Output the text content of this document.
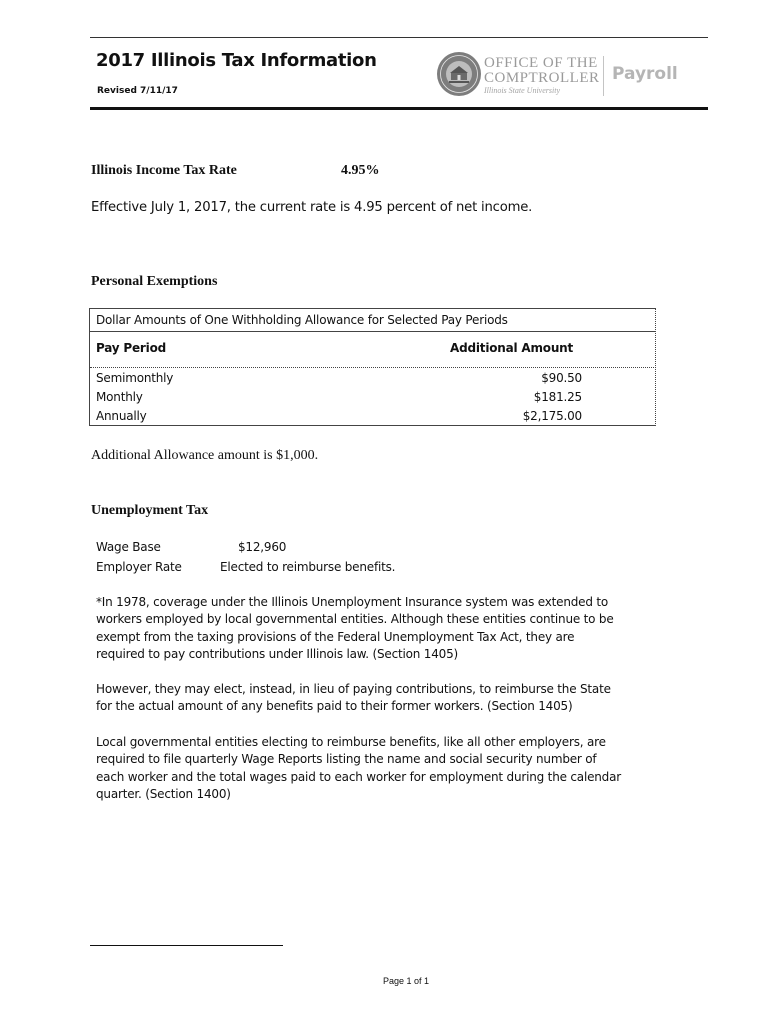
2017 Illinois Tax Information
Revised 7/11/17
OFFICE OF THE
COMPTROLLER
Illinois State University
Payroll
Illinois Income Tax Rate	4.95%
Effective July 1, 2017, the current rate is 4.95 percent of net income.
Personal Exemptions
Dollar Amounts of One Withholding Allowance for Selected Pay Periods
Pay Period	Additional Amount
Semimonthly	$90.50
Monthly	$181.25
Annually	$2,175.00
Additional Allowance amount is $1,000.
Unemployment Tax
Wage Base	$12,960
Employer Rate	Elected to reimburse benefits.
*In 1978, coverage under the Illinois Unemployment Insurance system was extended to workers employed by local governmental entities. Although these entities continue to be exempt from the taxing provisions of the Federal Unemployment Tax Act, they are required to pay contributions under Illinois law. (Section 1405)
However, they may elect, instead, in lieu of paying contributions, to reimburse the State for the actual amount of any benefits paid to their former workers. (Section 1405)
Local governmental entities electing to reimburse benefits, like all other employers, are required to file quarterly Wage Reports listing the name and social security number of each worker and the total wages paid to each worker for employment during the calendar quarter. (Section 1400)
Page 1 of 1
